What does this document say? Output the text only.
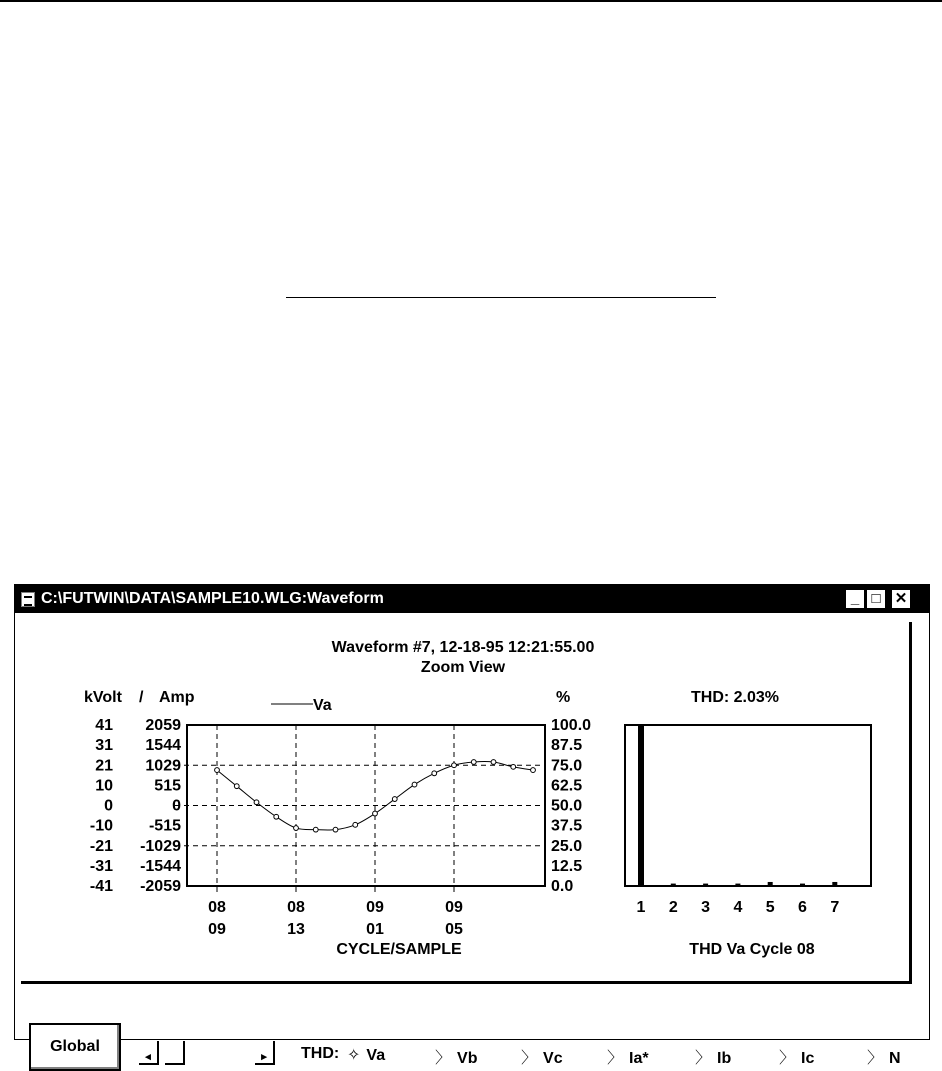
C:\FUTWIN\DATA\SAMPLE10.WLG:Waveform	_ □ ✕
Waveform #7, 12-18-95 12:21:55.00
Zoom View
kVolt / Amp	%	THD: 2.03%
41
31
21
10
0
-10
-21
-31
-41
2059
1544
1029
515
0
-515
-1029
-1544
-2059
100.0
87.5
75.0
62.5
50.0
37.5
25.0
12.5
0.0
08
09
08
13
09
01
09
05
Va
1 2 3 4 5 6 7
CYCLE/SAMPLE	THD Va Cycle 08
Global
◂	▸	THD: ✧ Va	〉 Vb	〉 Vc	〉 Ia*	〉 Ib	〉 Ic	〉 N
